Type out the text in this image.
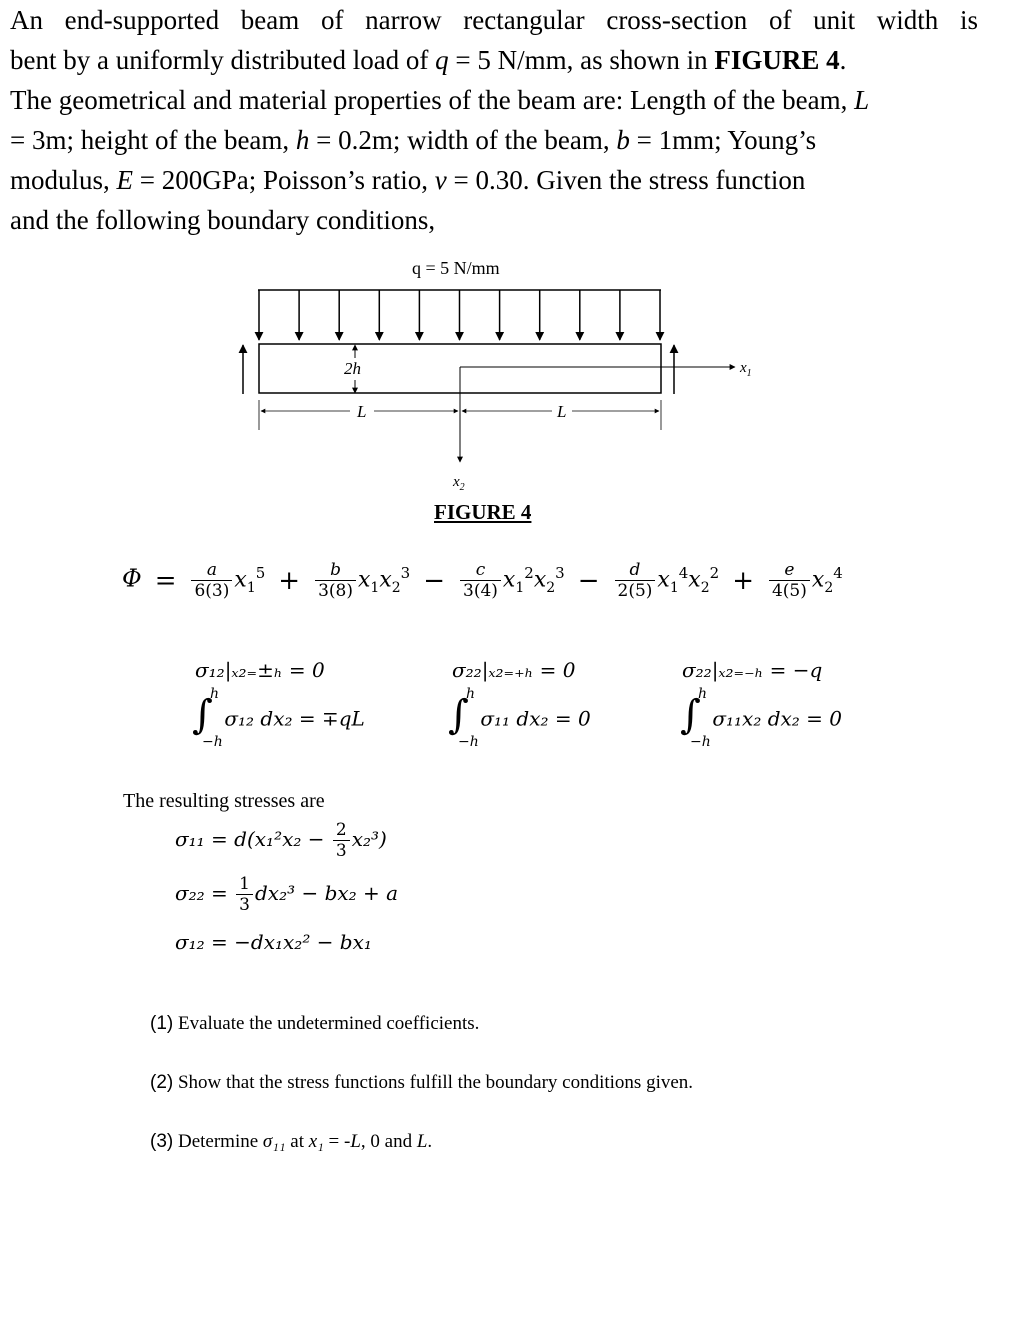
An end-supported beam of narrow rectangular cross-section of unit width is
bent by a uniformly distributed load of q = 5 N/mm, as shown in FIGURE 4.
The geometrical and material properties of the beam are: Length of the beam, L
= 3m; height of the beam, h = 0.2m; width of the beam, b = 1mm; Young’s
modulus, E = 200GPa; Poisson’s ratio, ν = 0.30. Given the stress function
and the following boundary conditions,
q = 5 N/mm
2h	$x_1$
$x_2$
L	L
FIGURE 4
$\Phi = \frac{a}{6(3)} x_1^5 + \frac{b}{3(8)} x_1x_2^3 - \frac{c}{3(4)} x_1^2x_2^3 - \frac{d}{2(5)} x_1^4x_2^2 + \frac{e}{4(5)} x_2^4$
σ₁₂|ₓ₂₌±ₕ = 0	σ₂₂|ₓ₂₌₊ₕ = 0	σ₂₂|ₓ₂₌₋ₕ = −q
∫
h
−h
σ₁₂ dx₂ = ∓qL ∫
h
−h
σ₁₁ dx₂ = 0 ∫
h
−h
σ₁₁x₂ dx₂ = 0
The resulting stresses are
$\sigma_{11} = d(x_1^2x_2 - \frac{2}{3} x_2^3)$
$\sigma_{22} = \frac{1}{3} dx_2^3 - bx_2 + a$
σ₁₂ = −dx₁x₂² − bx₁
(1) Evaluate the undetermined coefficients.
(2) Show that the stress functions fulfill the boundary conditions given.
(3) Determine σ₁₁ at x₁ = -L, 0 and L.
